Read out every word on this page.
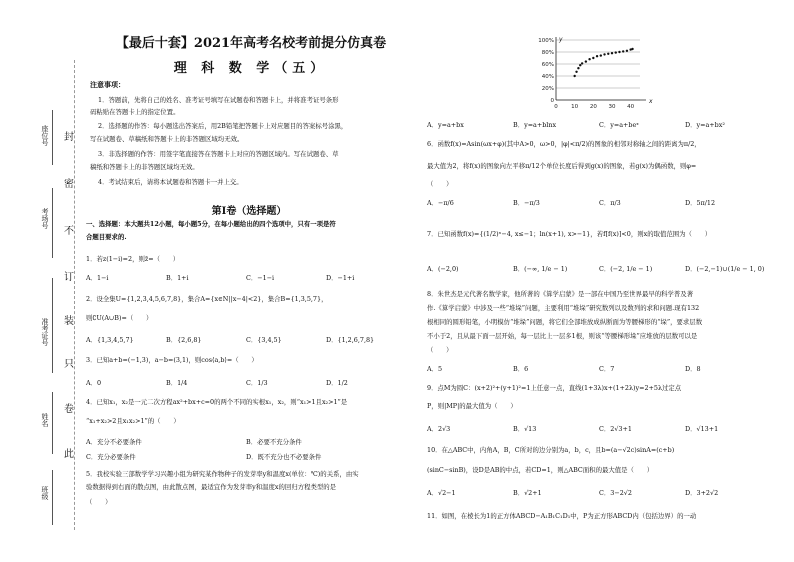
封
密
不
订
装
只
卷
此
座位号
考场号
准考证号
姓名
班级
【最后十套】2021年高考名校考前提分仿真卷
理 科 数 学（五）
注意事项：
1．答题前，先将自己的姓名、准考证号填写在试题卷和答题卡上，并将准考证号条形
码粘贴在答题卡上的指定位置。
2．选择题的作答：每小题选出答案后，用2B铅笔把答题卡上对应题目的答案标号涂黑，
写在试题卷、草稿纸和答题卡上的非答题区域均无效。
3．非选择题的作答：用签字笔直接答在答题卡上对应的答题区域内。写在试题卷、草
稿纸和答题卡上的非答题区域均无效。
4．考试结束后，请将本试题卷和答题卡一并上交。
第Ⅰ卷（选择题）
一、选择题：本大题共12小题，每小题5分，在每小题给出的四个选项中，只有一项是符
合题目要求的.
1．若z(1−i)=2，则z̄=（　　）
A．1−i	B．1+i	C．−1−i	D．−1+i
2．设全集U={1,2,3,4,5,6,7,8}，集合A={x∈N||x−4|<2}，集合B={1,3,5,7}，
则∁U(A∪B)=（　　）
A．{1,3,4,5,7}	B．{2,6,8}	C．{3,4,5}	D．{1,2,6,7,8}
3．已知a+b=(−1,3)，a−b=(3,1)，则cos⟨a,b⟩=（　　）
A．0	B．1/4	C．1/3	D．1/2
4．已知x₁，x₂是一元二次方程ax²+bx+c=0的两个不同的实根x₁，x₂，则“x₁>1且x₂>1”是
“x₁+x₂>2且x₁x₂>1”的（　　）
A．充分不必要条件	B．必要不充分条件
C．充分必要条件	D．既不充分也不必要条件
5．我校实验三部数学学习兴趣小组为研究某作物种子的发芽率y和温度x(单位：℃)的关系，由实
验数据得到右面的散点图，由此散点图，最适宜作为发芽率y和温度x的回归方程类型的是
（　　）
0
20%
40%
60%
80%
100%
0 10 20 30 40
x
y
A．y=a+bx	B．y=a+blnx	C．y=a+beˣ	D．y=a+bx²
6．函数f(x)=Asin(ωx+φ)(其中A>0，ω>0，|φ|<π/2)的图象的相邻对称轴之间的距离为π/2，
最大值为2，将f(x)的图象向左平移π/12个单位长度后得到g(x)的图象，若g(x)为偶函数，则φ=
（　　）
A．−π/6	B．−π/3	C．π/3	D．5π/12
7．已知函数f(x)={(1/2)ˣ−4, x≤−1；ln(x+1), x>−1}，若f[f(x)]<0，则x的取值范围为（　　）
A．(−2,0)	B．(−∞, 1/e − 1)	C．(−2, 1/e − 1)	D．(−2,−1)∪(1/e − 1, 0)
8．朱世杰是元代著名数学家，他所著的《算学启蒙》是一部在中国乃至世界最早的科学普及著
作.《算学启蒙》中涉及一些“堆垛”问题，主要利用“堆垛”研究数列以及数列的求和问题.现有132
根相同的圆形铅笔，小明模仿“堆垛”问题，将它们全部堆放成纵断面为等腰梯形的“垛”，要求层数
不小于2，且从最下面一层开始，每一层比上一层多1根，则该“等腰梯形垛”应堆放的层数可以是
（　　）
A．5	B．6	C．7	D．8
9．点M为圆C：(x+2)²+(y+1)²=1上任意一点，直线(1+3λ)x+(1+2λ)y=2+5λ过定点
P，则|MP|的最大值为（　　）
A．2√3	B．√13	C．2√3+1	D．√13+1
10．在△ABC中，内角A，B，C所对的边分别为a，b，c，且b=(a−√2c)sinA=(c+b)
(sinC−sinB)，设D是AB的中点，若CD=1，则△ABC面积的最大值是（　　）
A．√2−1	B．√2+1	C．3−2√2	D．3+2√2
11．如图，在棱长为1的正方体ABCD−A₁B₁C₁D₁中，P为正方形ABCD内（包括边界）的一动
